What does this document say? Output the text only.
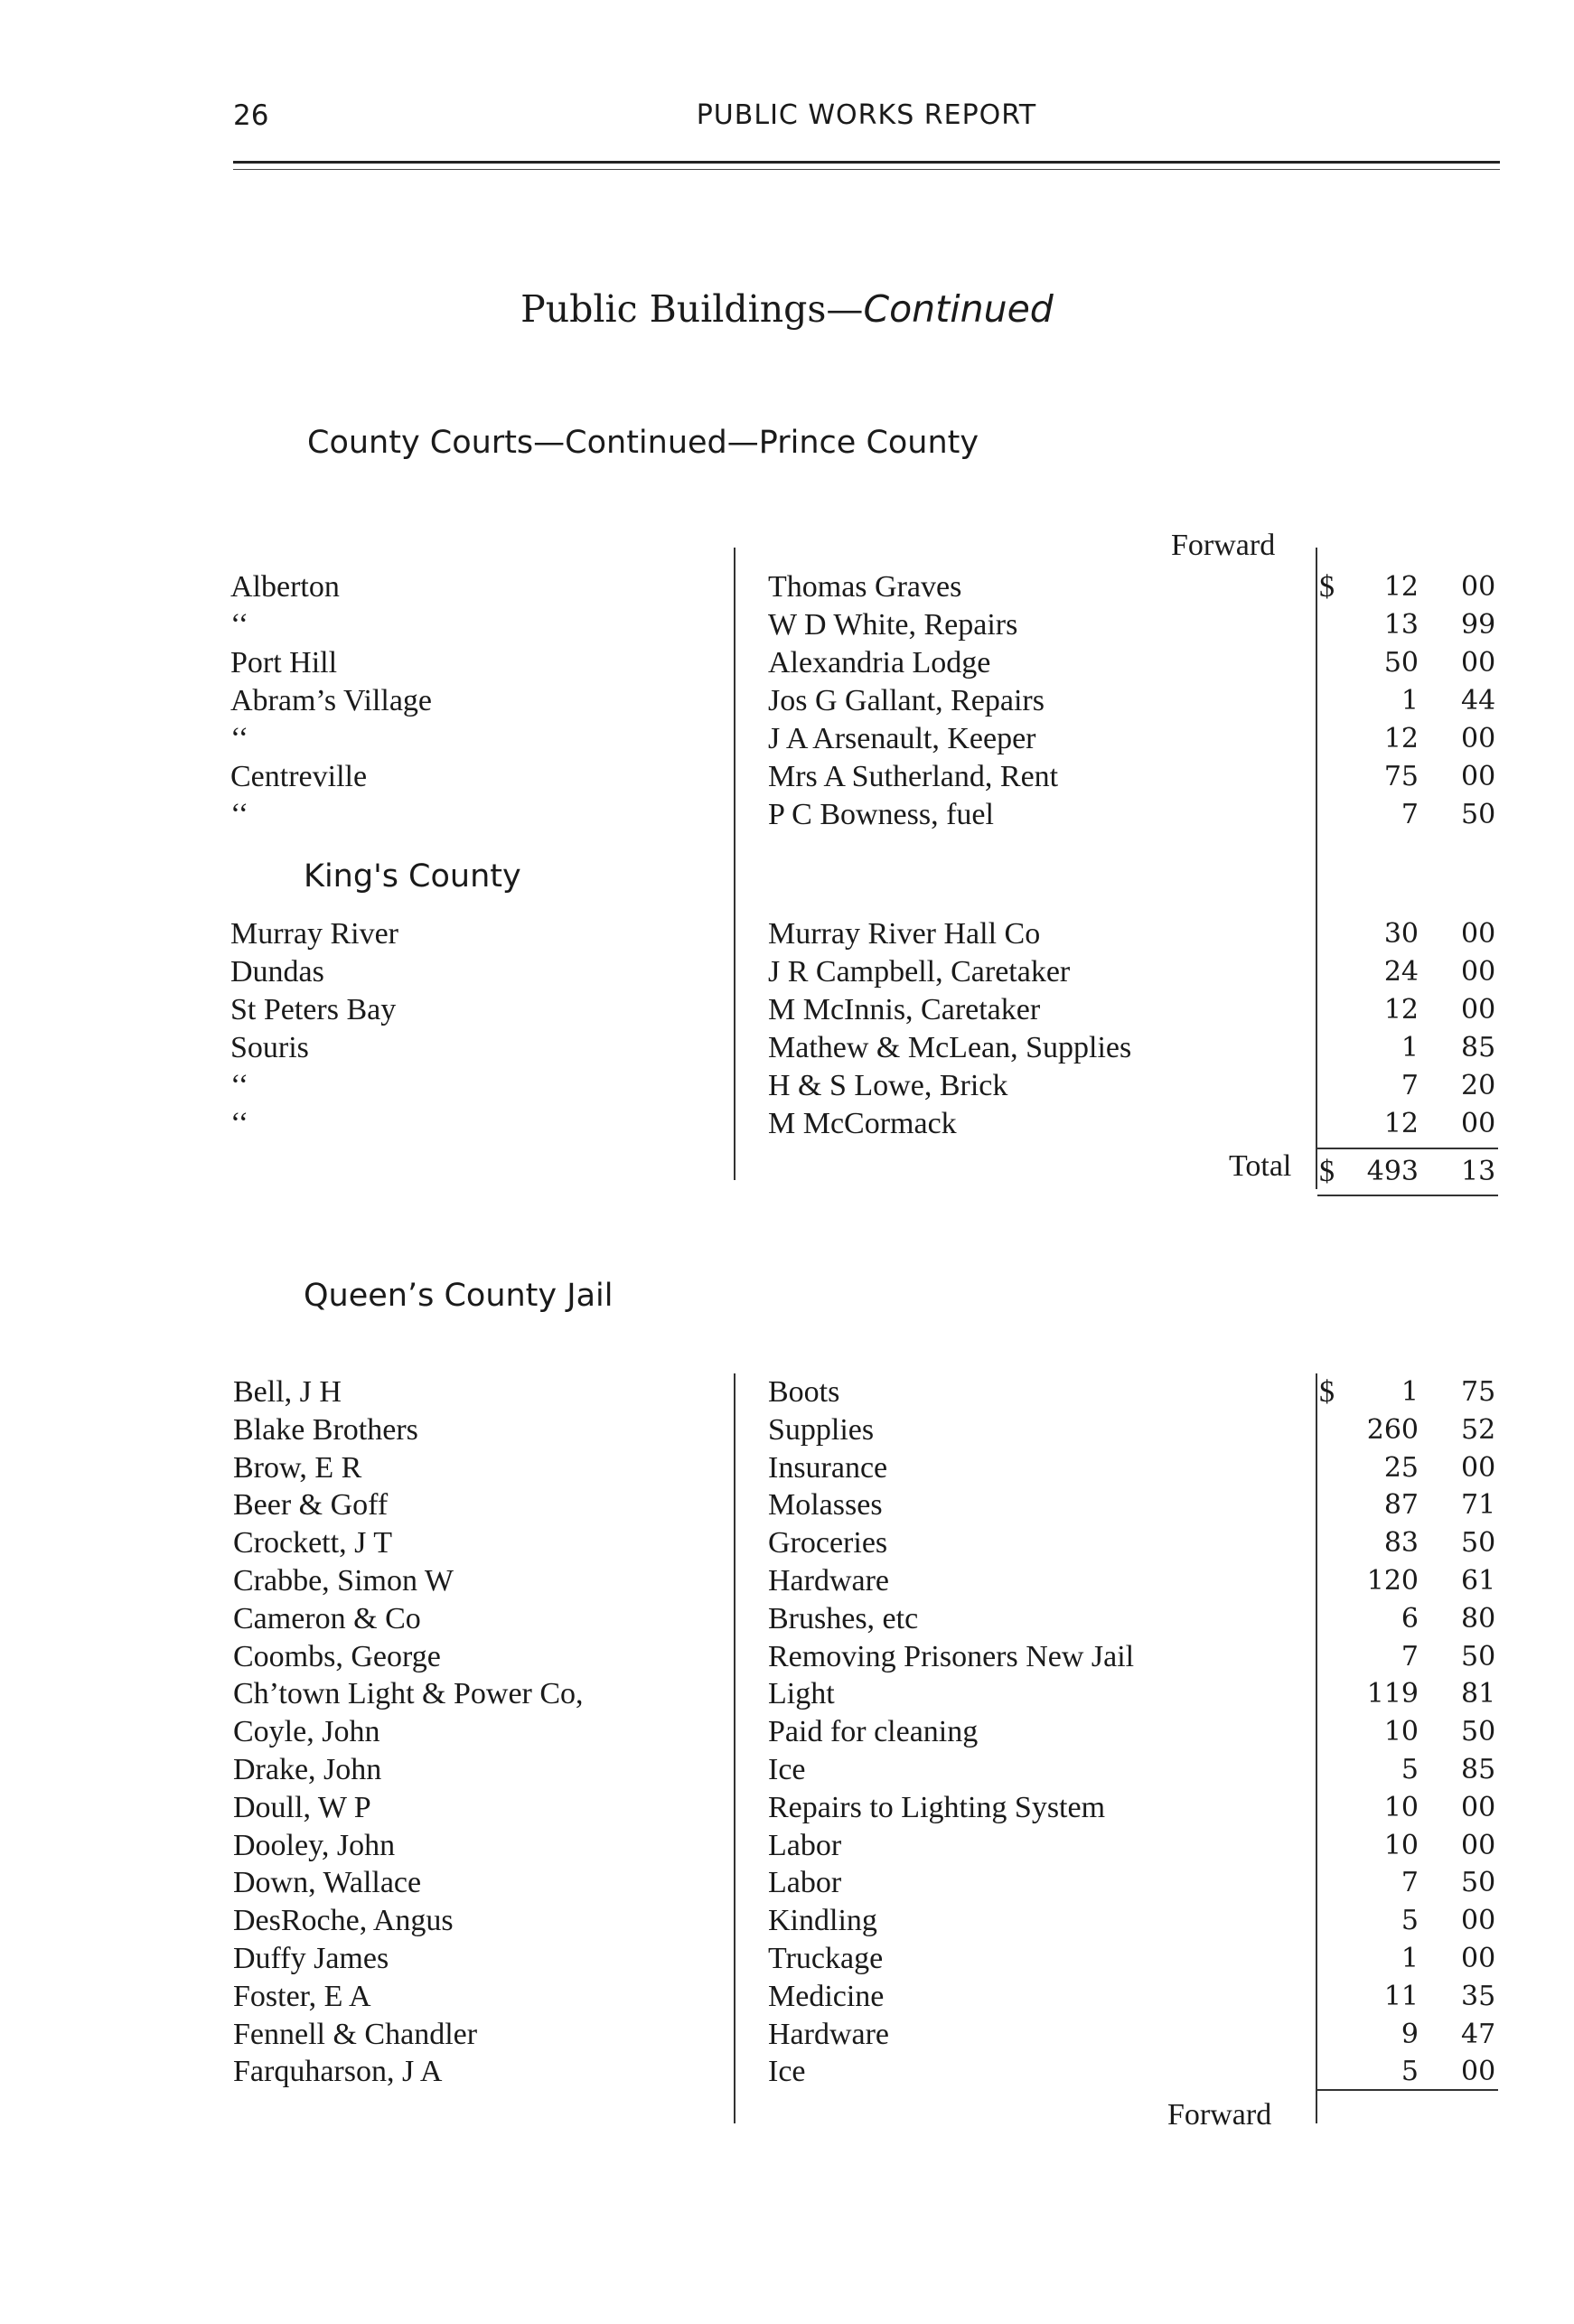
26	PUBLIC WORKS REPORT
Public Buildings—Continued
County Courts—Continued—Prince County
Forward
$
Alberton	Thomas Graves	12 00
‘‘	W D White, Repairs	13 99
Port Hill	Alexandria Lodge	50 00
Abram’s Village	Jos G Gallant, Repairs	1 44
‘‘	J A Arsenault, Keeper	12 00
Centreville	Mrs A Sutherland, Rent	75 00
‘‘	P C Bowness, fuel	7 50
King's County
Murray River	Murray River Hall Co	30 00
Dundas	J R Campbell, Caretaker	24 00
St Peters Bay	M McInnis, Caretaker	12 00
Souris	Mathew & McLean, Supplies	1 85
‘‘	H & S Lowe, Brick	7 20
‘‘	M McCormack	12 00
Total $ 493 13
Queen’s County Jail
$
Bell, J H	Boots	1 75
Blake Brothers	Supplies	260 52
Brow, E R	Insurance	25 00
Beer & Goff	Molasses	87 71
Crockett, J T	Groceries	83 50
Crabbe, Simon W	Hardware	120 61
Cameron & Co	Brushes, etc	6 80
Coombs, George	Removing Prisoners New Jail	7 50
Ch’town Light & Power Co,	Light	119 81
Coyle, John	Paid for cleaning	10 50
Drake, John	Ice	5 85
Doull, W P	Repairs to Lighting System	10 00
Dooley, John	Labor	10 00
Down, Wallace	Labor	7 50
DesRoche, Angus	Kindling	5 00
Duffy James	Truckage	1 00
Foster, E A	Medicine	11 35
Fennell & Chandler	Hardware	9 47
Farquharson, J A	Ice	5 00
Forward
